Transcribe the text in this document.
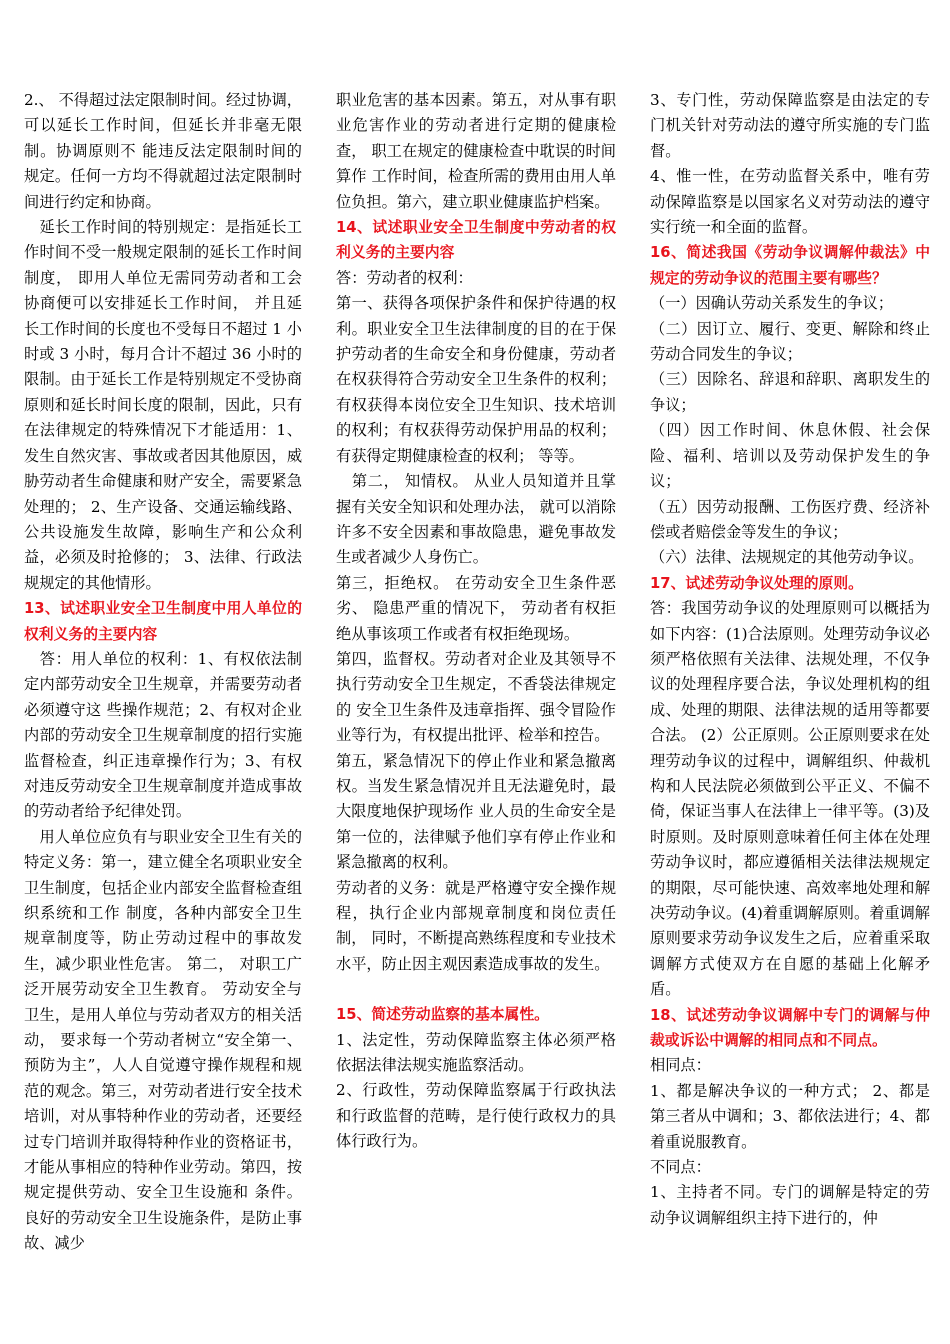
2.、 不得超过法定限制时间。经过协调，可以延长工作时间，但延长并非毫无限制。协调原则不 能违反法定限制时间的规定。任何一方均不得就超过法定限制时间进行约定和协商。

　延长工作时间的特别规定：是指延长工作时间不受一般规定限制的延长工作时间制度， 即用人单位无需同劳动者和工会协商便可以安排延长工作时间， 并且延长工作时间的长度也不受每日不超过 1 小时或 3 小时，每月合计不超过 36 小时的限制。由于延长工作是特别规定不受协商原则和延长时间长度的限制，因此，只有在法律规定的特殊情况下才能适用：1、 发生自然灾害、事故或者因其他原因，威胁劳动者生命健康和财产安全，需要紧急处理的； 2、生产设备、交通运输线路、公共设施发生故障，影响生产和公众利益，必须及时抢修的； 3、法律、行政法规规定的其他情形。

13、试述职业安全卫生制度中用人单位的权利义务的主要内容

　答：用人单位的权利：1、有权依法制定内部劳动安全卫生规章，并需要劳动者必须遵守这 些操作规范；2、有权对企业内部的劳动安全卫生规章制度的招行实施监督检查，纠正违章操作行为；3、有权对违反劳动安全卫生规章制度并造成事故的劳动者给予纪律处罚。

　用人单位应负有与职业安全卫生有关的特定义务：第一，建立健全名项职业安全卫生制度，包括企业内部安全监督检查组织系统和工作 制度，各种内部安全卫生规章制度等，防止劳动过程中的事故发生，减少职业性危害。 第二， 对职工广泛开展劳动安全卫生教育。 劳动安全与卫生，是用人单位与劳动者双方的相关活动， 要求每一个劳动者树立“安全第一、预防为主”，人人自觉遵守操作规程和规范的观念。第三，对劳动者进行安全技术培训，对从事特种作业的劳动者，还要经过专门培训并取得特种作业的资格证书，才能从事相应的特种作业劳动。第四，按规定提供劳动、安全卫生设施和 条件。良好的劳动安全卫生设施条件，是防止事故、减少

职业危害的基本因素。第五，对从事有职业危害作业的劳动者进行定期的健康检查， 职工在规定的健康检查中耽误的时间算作 工作时间，检查所需的费用由用人单位负担。第六，建立职业健康监护档案。

14、试述职业安全卫生制度中劳动者的权利义务的主要内容

答：劳动者的权利：

第一、获得各项保护条件和保护待遇的权利。职业安全卫生法律制度的目的在于保护劳动者的生命安全和身份健康，劳动者在权获得符合劳动安全卫生条件的权利； 有权获得本岗位安全卫生知识、技术培训的权利；有权获得劳动保护用品的权利；有获得定期健康检查的权利； 等等。

　第二， 知情权。 从业人员知道并且掌握有关安全知识和处理办法， 就可以消除许多不安全因素和事故隐患，避免事故发生或者减少人身伤亡。

第三，拒绝权。 在劳动安全卫生条件恶劣、 隐患严重的情况下， 劳动者有权拒绝从事该项工作或者有权拒绝现场。

第四，监督权。劳动者对企业及其领导不执行劳动安全卫生规定，不香袋法律规定的 安全卫生条件及违章指挥、强令冒险作业等行为，有权提出批评、检举和控告。

第五，紧急情况下的停止作业和紧急撤离权。当发生紧急情况并且无法避免时，最大限度地保护现场作 业人员的生命安全是第一位的，法律赋予他们享有停止作业和紧急撤离的权利。

劳动者的义务：就是严格遵守安全操作规程，执行企业内部规章制度和岗位责任制， 同时，不断提高熟练程度和专业技术水平，防止因主观因素造成事故的发生。

15、简述劳动监察的基本属性。

1、法定性，劳动保障监察主体必须严格依据法律法规实施监察活动。

2、行政性，劳动保障监察属于行政执法和行政监督的范畴，是行使行政权力的具体行政行为。

3、专门性，劳动保障监察是由法定的专门机关针对劳动法的遵守所实施的专门监督。

4、惟一性，在劳动监督关系中，唯有劳动保障监察是以国家名义对劳动法的遵守实行统一和全面的监督。

16、简述我国《劳动争议调解仲裁法》中规定的劳动争议的范围主要有哪些？

（一）因确认劳动关系发生的争议；

（二）因订立、履行、变更、解除和终止劳动合同发生的争议；

（三）因除名、辞退和辞职、离职发生的争议；

（四）因工作时间、休息休假、社会保险、福利、培训以及劳动保护发生的争议；

（五）因劳动报酬、工伤医疗费、经济补偿或者赔偿金等发生的争议；

（六）法律、法规规定的其他劳动争议。

17、试述劳动争议处理的原则。

答：我国劳动争议的处理原则可以概括为如下内容：(1)合法原则。处理劳动争议必须严格依照有关法律、法规处理，不仅争议的处理程序要合法，争议处理机构的组成、处理的期限、法律法规的适用等都要合法。 (2）公正原则。公正原则要求在处理劳动争议的过程中，调解组织、仲裁机构和人民法院必须做到公平正义、不偏不倚，保证当事人在法律上一律平等。(3)及时原则。及时原则意味着任何主体在处理劳动争议时，都应遵循相关法律法规规定的期限，尽可能快速、高效率地处理和解决劳动争议。(4)着重调解原则。着重调解原则要求劳动争议发生之后，应着重采取调解方式使双方在自愿的基础上化解矛盾。

18、试述劳动争议调解中专门的调解与仲裁或诉讼中调解的相同点和不同点。

相同点：

1、都是解决争议的一种方式； 2、都是第三者从中调和；3、都依法进行；4、都着重说服教育。

不同点：

1、主持者不同。专门的调解是特定的劳动争议调解组织主持下进行的，仲
